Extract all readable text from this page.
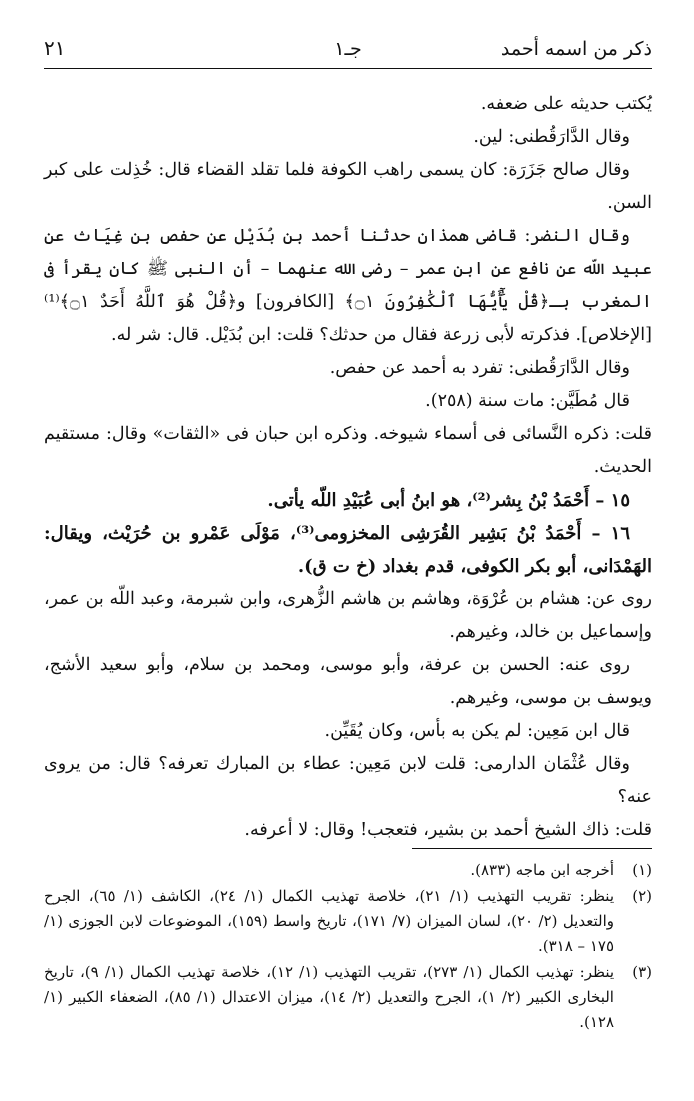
ذكر من اسمه أحمد
جـ١
٢١

يُكتب حديثه على ضعفه.

وقال الدَّارَقُطنى: لين.

وقال صالح جَزَرَة: كان يسمى راهب الكوفة فلما تقلد القضاء قال: خُذِلت على كبر السن.

وقال النضر: قاضى همذان حدثنا أحمد بن بُدَيْل عن حفص بن غِيَاث عن عبيد اللّه عن نافع عن ابن عمر – رضى الله عنهما – أن النبى ﷺ كان يقرأ فى المغرب بـ﴿قُلْ يَٰٓأَيُّهَا ٱلْكَٰفِرُونَ ۝١﴾ [الكافرون] و﴿قُلْ هُوَ ٱللَّهُ أَحَدٌ ۝١﴾⁽¹⁾ [الإخلاص]. فذكرته لأبى زرعة فقال من حدثك؟ قلت: ابن بُدَيْل. قال: شر له.

وقال الدَّارَقُطنى: تفرد به أحمد عن حفص.

قال مُطَيَّن: مات سنة (٢٥٨).

قلت: ذكره النَّسائى فى أسماء شيوخه. وذكره ابن حبان فى «الثقات» وقال: مستقيم الحديث.

١٥ – أَحْمَدُ بْنُ بِشر⁽²⁾، هو ابنُ أبى عُبَيْدِ اللّه يأتى.

١٦ – أَحْمَدُ بْنُ بَشِير القُرَشِى المخزومى⁽³⁾، مَوْلَى عَمْرو بن حُرَيْث، ويقال: الهَمْدَانى، أبو بكر الكوفى، قدم بغداد (خ ت ق).

روى عن: هشام بن عُرْوَة، وهاشم بن هاشم الزُّهرى، وابن شبرمة، وعبد اللّه بن عمر، وإسماعيل بن خالد، وغيرهم.

روى عنه: الحسن بن عرفة، وأبو موسى، ومحمد بن سلام، وأبو سعيد الأشج، ويوسف بن موسى، وغيرهم.

قال ابن مَعِين: لم يكن به بأس، وكان يُقَيِّن.

وقال عُثْمَان الدارمى: قلت لابن مَعِين: عطاء بن المبارك تعرفه؟ قال: من يروى عنه؟

قلت: ذاك الشيخ أحمد بن بشير، فتعجب! وقال: لا أعرفه.

(١)
أخرجه ابن ماجه (٨٣٣).
(٢)
ينظر: تقريب التهذيب (١/ ٢١)، خلاصة تهذيب الكمال (١/ ٢٤)، الكاشف (١/ ٦٥)، الجرح والتعديل (٢/ ٢٠)، لسان الميزان (٧/ ١٧١)، تاريخ واسط (١٥٩)، الموضوعات لابن الجوزى (١/ ١٧٥ – ٣١٨).
(٣)
ينظر: تهذيب الكمال (١/ ٢٧٣)، تقريب التهذيب (١/ ١٢)، خلاصة تهذيب الكمال (١/ ٩)، تاريخ البخارى الكبير (٢/ ١)، الجرح والتعديل (٢/ ١٤)، ميزان الاعتدال (١/ ٨٥)، الضعفاء الكبير (١/ ١٢٨).
